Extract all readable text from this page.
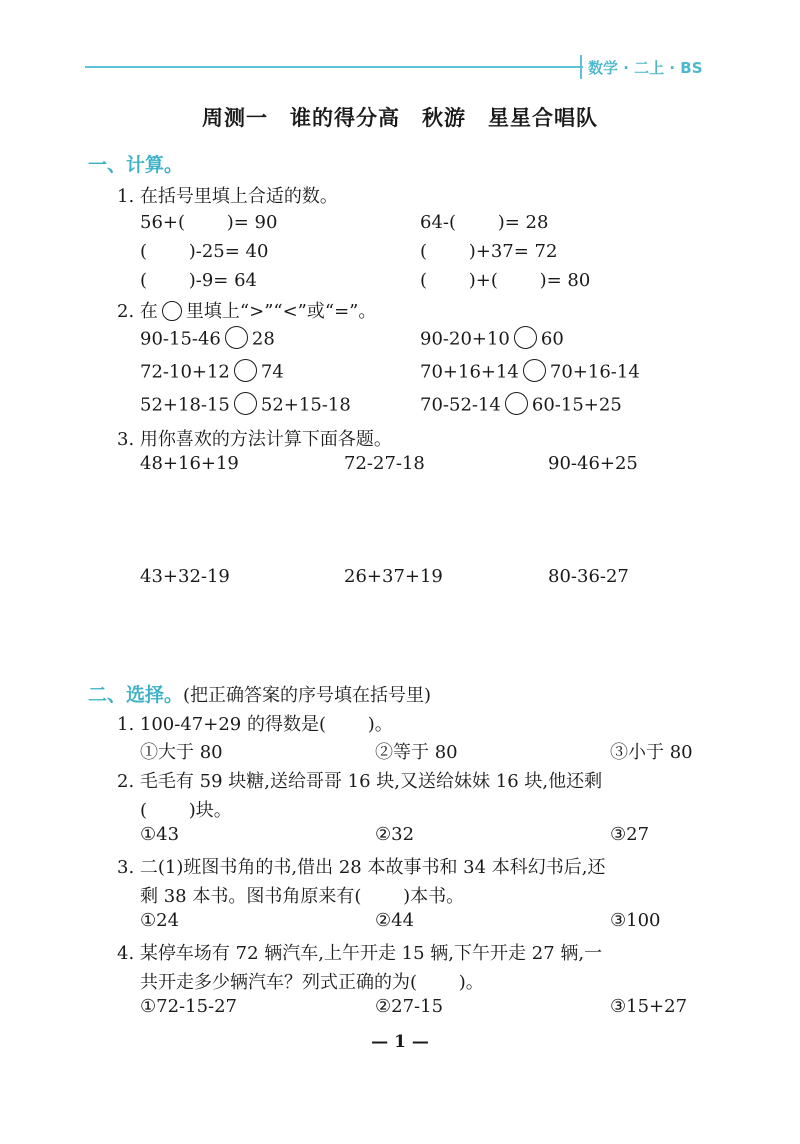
数学 · 二上 · BS
周测一　谁的得分高　秋游　星星合唱队
一、计算。
1. 在括号里填上合适的数。
56+(　　 )= 90	64-(　　 )= 28
(　　 )-25= 40	(　　 )+37= 72
(　　 )-9= 64	(　　 )+(　　 )= 80
2. 在 里填上“>”“<”或“=”。
90-15-46 28	90-20+10 60
72-10+12 74	70+16+14 70+16-14
52+18-15 52+15-18	70-52-14 60-15+25
3. 用你喜欢的方法计算下面各题。
48+16+19	72-27-18	90-46+25
43+32-19	26+37+19	80-36-27
二、选择。(把正确答案的序号填在括号里)
1. 100-47+29 的得数是(　　 )。
①大于 80	②等于 80	③小于 80
2. 毛毛有 59 块糖,送给哥哥 16 块,又送给妹妹 16 块,他还剩
(　　 )块。
①43	②32	③27
3. 二(1)班图书角的书,借出 28 本故事书和 34 本科幻书后,还
剩 38 本书。图书角原来有(　　 )本书。
①24	②44	③100
4. 某停车场有 72 辆汽车,上午开走 15 辆,下午开走 27 辆,一
共开走多少辆汽车？列式正确的为(　　 )。
①72-15-27	②27-15	③15+27
— 1 —
